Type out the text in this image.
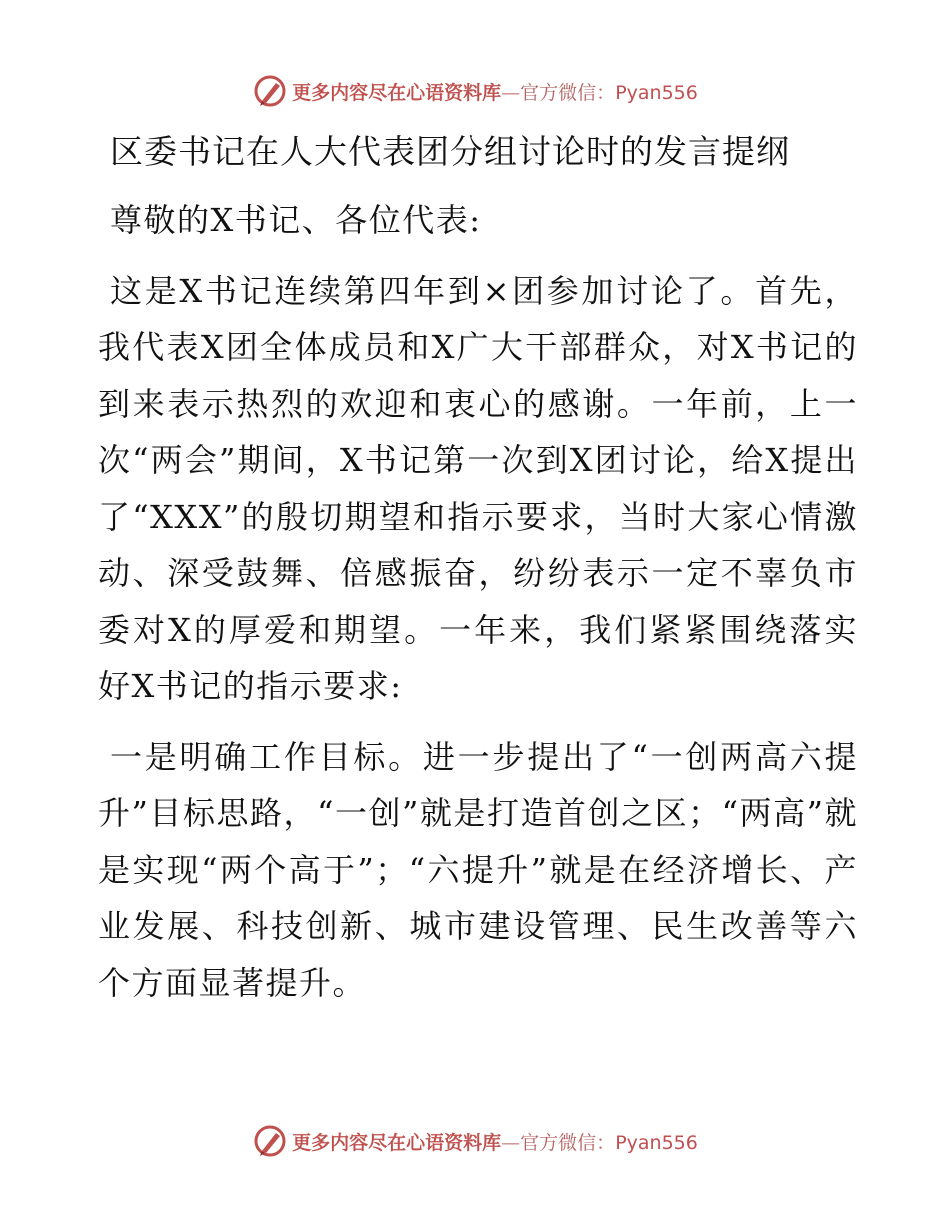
更多内容尽在心语资料库—官方微信：Pyan556
区委书记在人大代表团分组讨论时的发言提纲

尊敬的X书记、各位代表:

这是X书记连续第四年到×团参加讨论了。首先，我代表X团全体成员和X广大干部群众，对X书记的到来表示热烈的欢迎和衷心的感谢。一年前，上一次“两会”期间，X书记第一次到X团讨论，给X提出了“XXX”的殷切期望和指示要求，当时大家心情激动、深受鼓舞、倍感振奋，纷纷表示一定不辜负市委对X的厚爱和期望。一年来，我们紧紧围绕落实好X书记的指示要求:

一是明确工作目标。进一步提出了“一创两高六提升”目标思路，“一创”就是打造首创之区；“两高”就是实现“两个高于”；“六提升”就是在经济增长、产业发展、科技创新、城市建设管理、民生改善等六个方面显著提升。

更多内容尽在心语资料库—官方微信：Pyan556
